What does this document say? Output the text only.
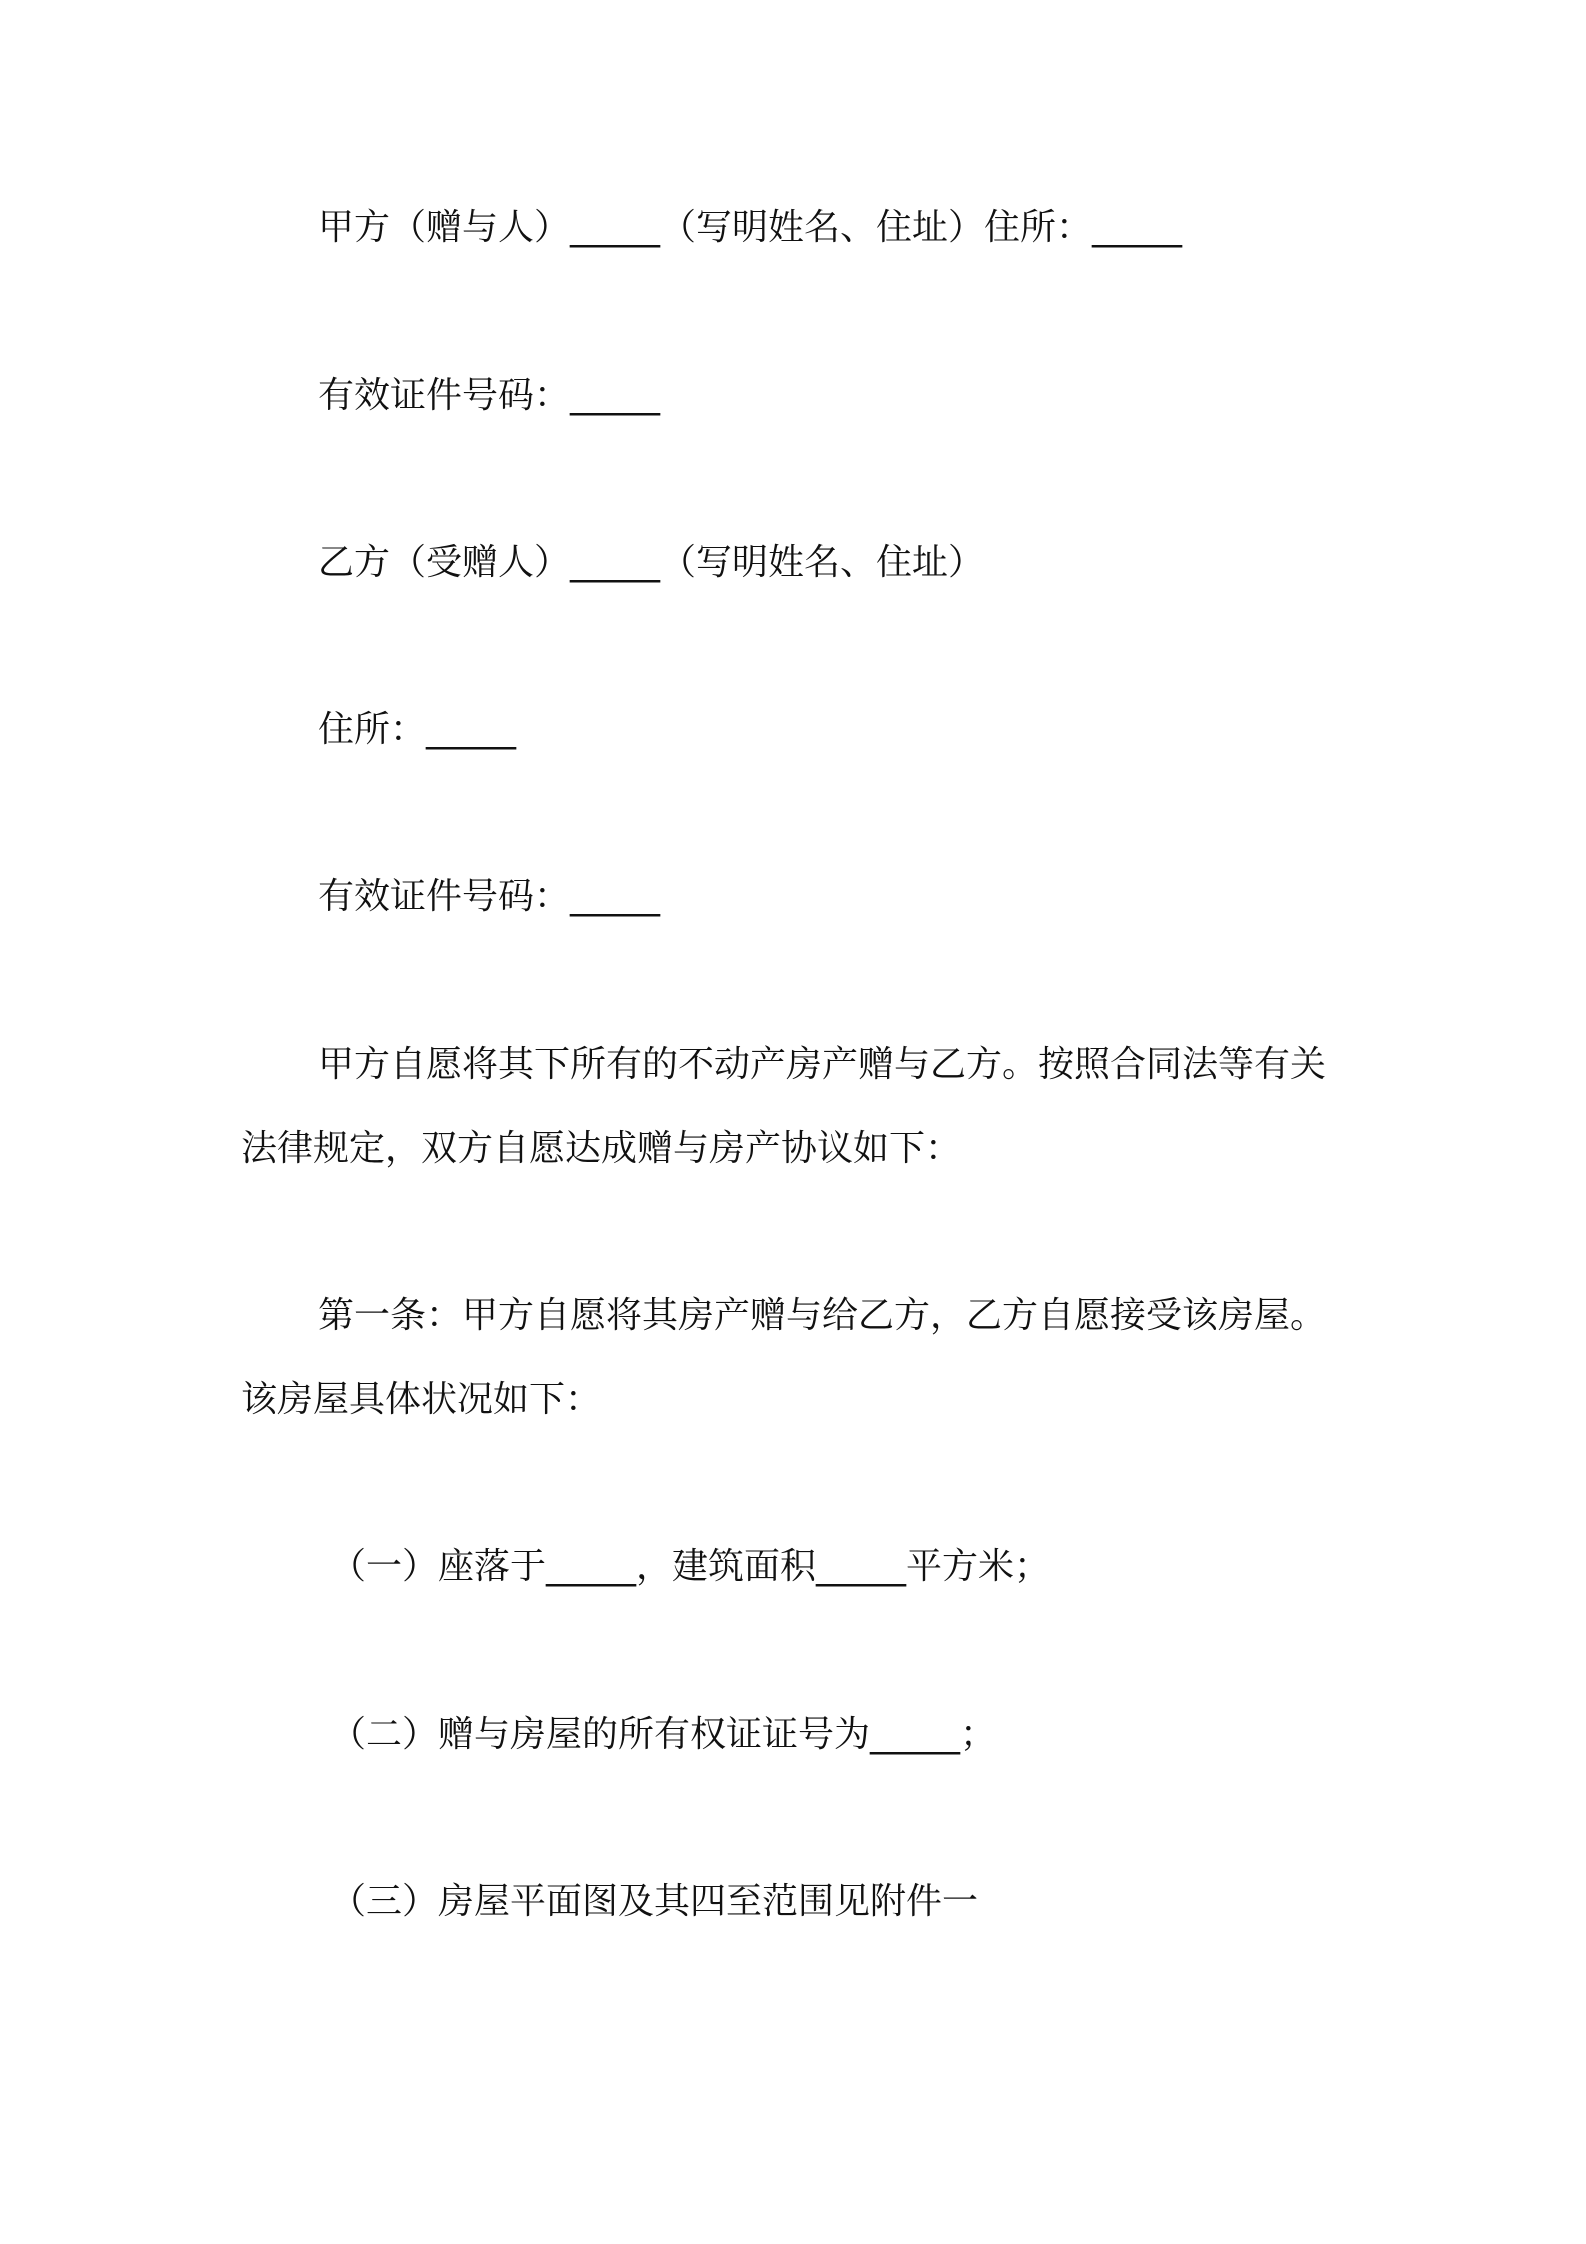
甲方（赠与人）_____（写明姓名、住址）住所：_____

有效证件号码：_____

乙方（受赠人）_____（写明姓名、住址）

住所：_____

有效证件号码：_____

甲方自愿将其下所有的不动产房产赠与乙方。按照合同法等有关

法律规定，双方自愿达成赠与房产协议如下：

第一条：甲方自愿将其房产赠与给乙方，乙方自愿接受该房屋。

该房屋具体状况如下：

（一）座落于_____，建筑面积_____平方米；

（二）赠与房屋的所有权证证号为_____；

（三）房屋平面图及其四至范围见附件一
